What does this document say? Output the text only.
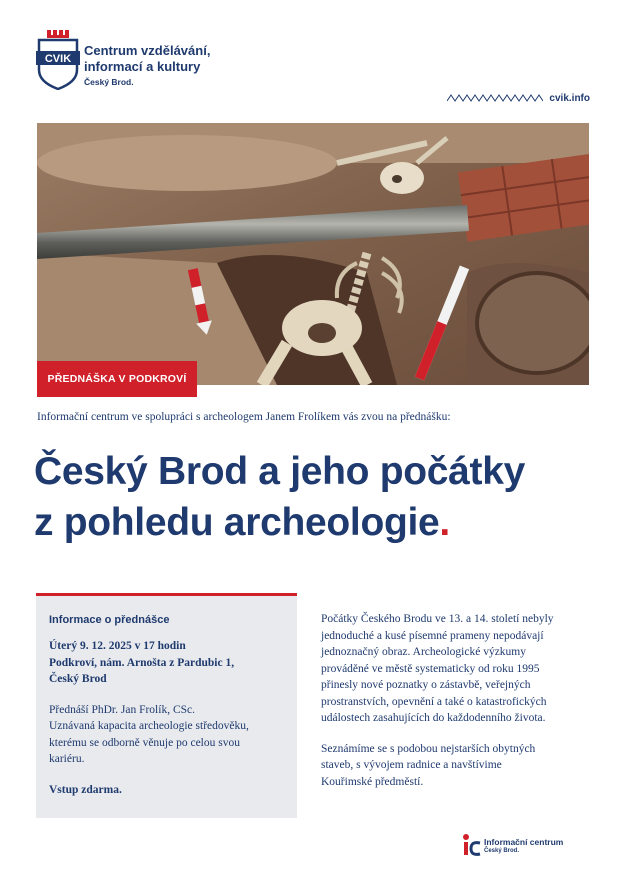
CVIK
Centrum vzdělávání,
informací a kultury
Český Brod.
cvik.info
PŘEDNÁŠKA V PODKROVÍ
Informační centrum ve spolupráci s archeologem Janem Frolíkem vás zvou na přednášku:
Český Brod a jeho počátky
z pohledu archeologie.
Informace o přednášce
Úterý 9. 12. 2025 v 17 hodin
Podkroví, nám. Arnošta z Pardubic 1,
Český Brod
Přednáší PhDr. Jan Frolík, CSc.
Uznávaná kapacita archeologie středověku,
kterému se odborně věnuje po celou svou
kariéru.
Vstup zdarma.

Počátky Českého Brodu ve 13. a 14. století nebyly
jednoduché a kusé písemné prameny nepodávají
jednoznačný obraz. Archeologické výzkumy
prováděné ve městě systematicky od roku 1995
přinesly nové poznatky o zástavbě, veřejných
prostranstvích, opevnění a také o katastrofických
událostech zasahujících do každodenního života.

Seznámíme se s podobou nejstarších obytných
staveb, s vývojem radnice a navštívime
Kouřimské předměstí.

Informační centrum
Český Brod.
